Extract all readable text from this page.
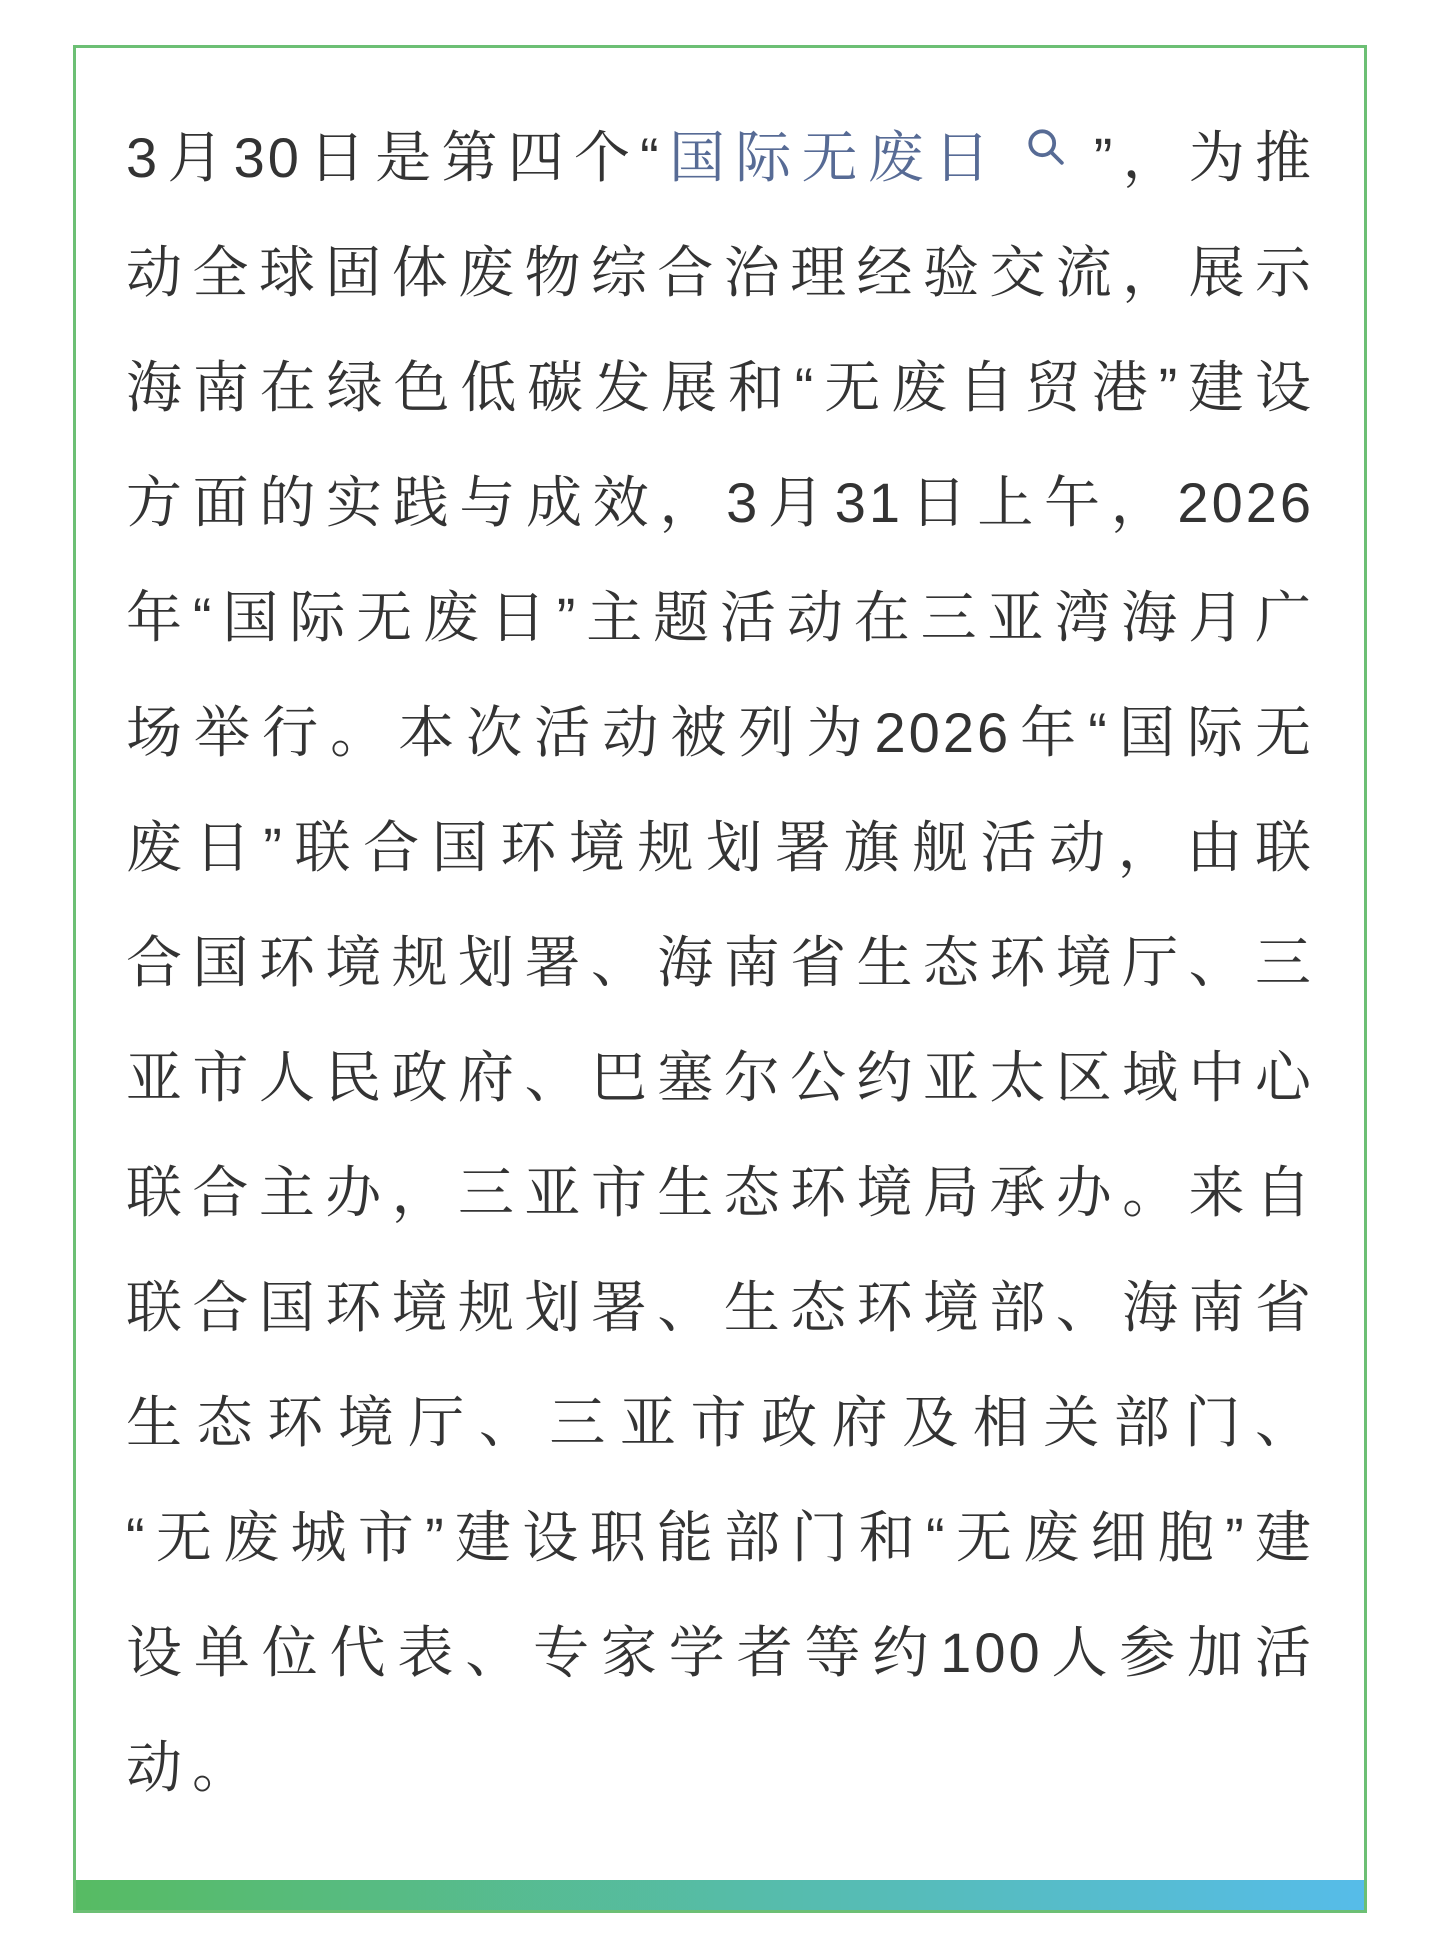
3月30日是第四个“国际无废日 ”，为推
动全球固体废物综合治理经验交流，展示
海南在绿色低碳发展和“无废自贸港”建设
方面的实践与成效，3月31日上午，2026
年“国际无废日”主题活动在三亚湾海月广
场举行。本次活动被列为2026年“国际无
废日”联合国环境规划署旗舰活动，由联
合国环境规划署、海南省生态环境厅、三
亚市人民政府、巴塞尔公约亚太区域中心
联合主办，三亚市生态环境局承办。来自
联合国环境规划署、生态环境部、海南省
生态环境厅、三亚市政府及相关部门、
“无废城市”建设职能部门和“无废细胞”建
设单位代表、专家学者等约100人参加活
动。
